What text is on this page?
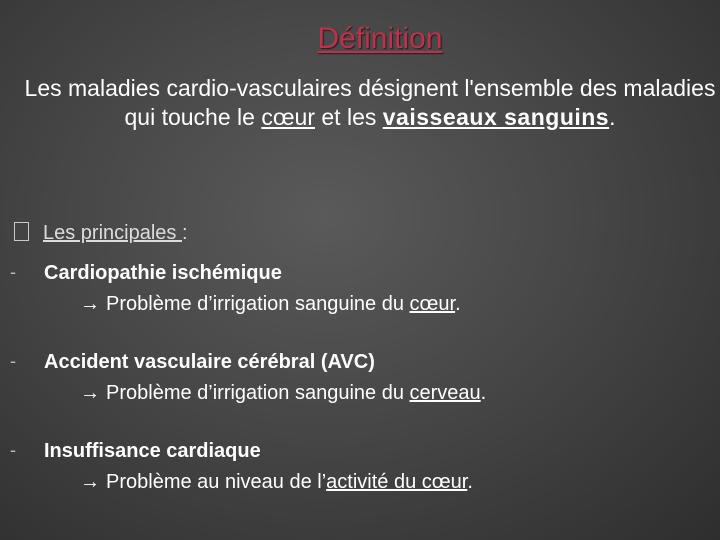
Définition
Les maladies cardio-vasculaires désignent l'ensemble des maladies qui touche le cœur et les vaisseaux sanguins.
Les principales :
- Cardiopathie ischémique
→ Problème d’irrigation sanguine du cœur.
- Accident vasculaire cérébral (AVC)
→ Problème d’irrigation sanguine du cerveau.
- Insuffisance cardiaque
→ Problème au niveau de l’activité du cœur.
